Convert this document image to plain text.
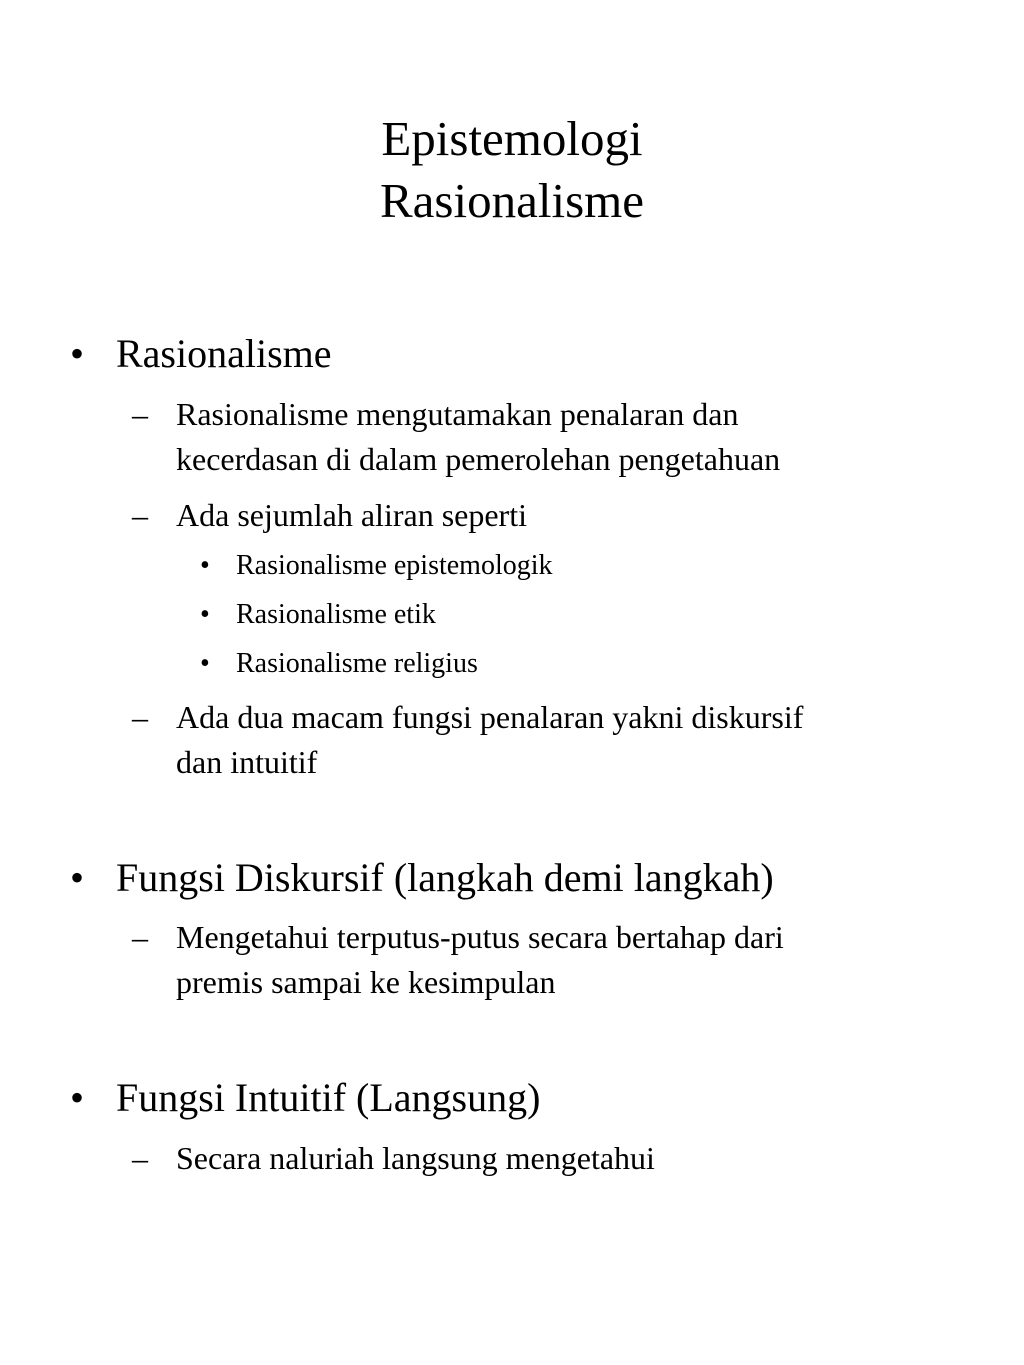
Epistemologi
Rasionalisme
• Rasionalisme
– Rasionalisme mengutamakan penalaran dan
kecerdasan di dalam pemerolehan pengetahuan
– Ada sejumlah aliran seperti
• Rasionalisme epistemologik
• Rasionalisme etik
• Rasionalisme religius
– Ada dua macam fungsi penalaran yakni diskursif
dan intuitif
• Fungsi Diskursif (langkah demi langkah)
– Mengetahui terputus-putus secara bertahap dari
premis sampai ke kesimpulan
• Fungsi Intuitif (Langsung)
– Secara naluriah langsung mengetahui
